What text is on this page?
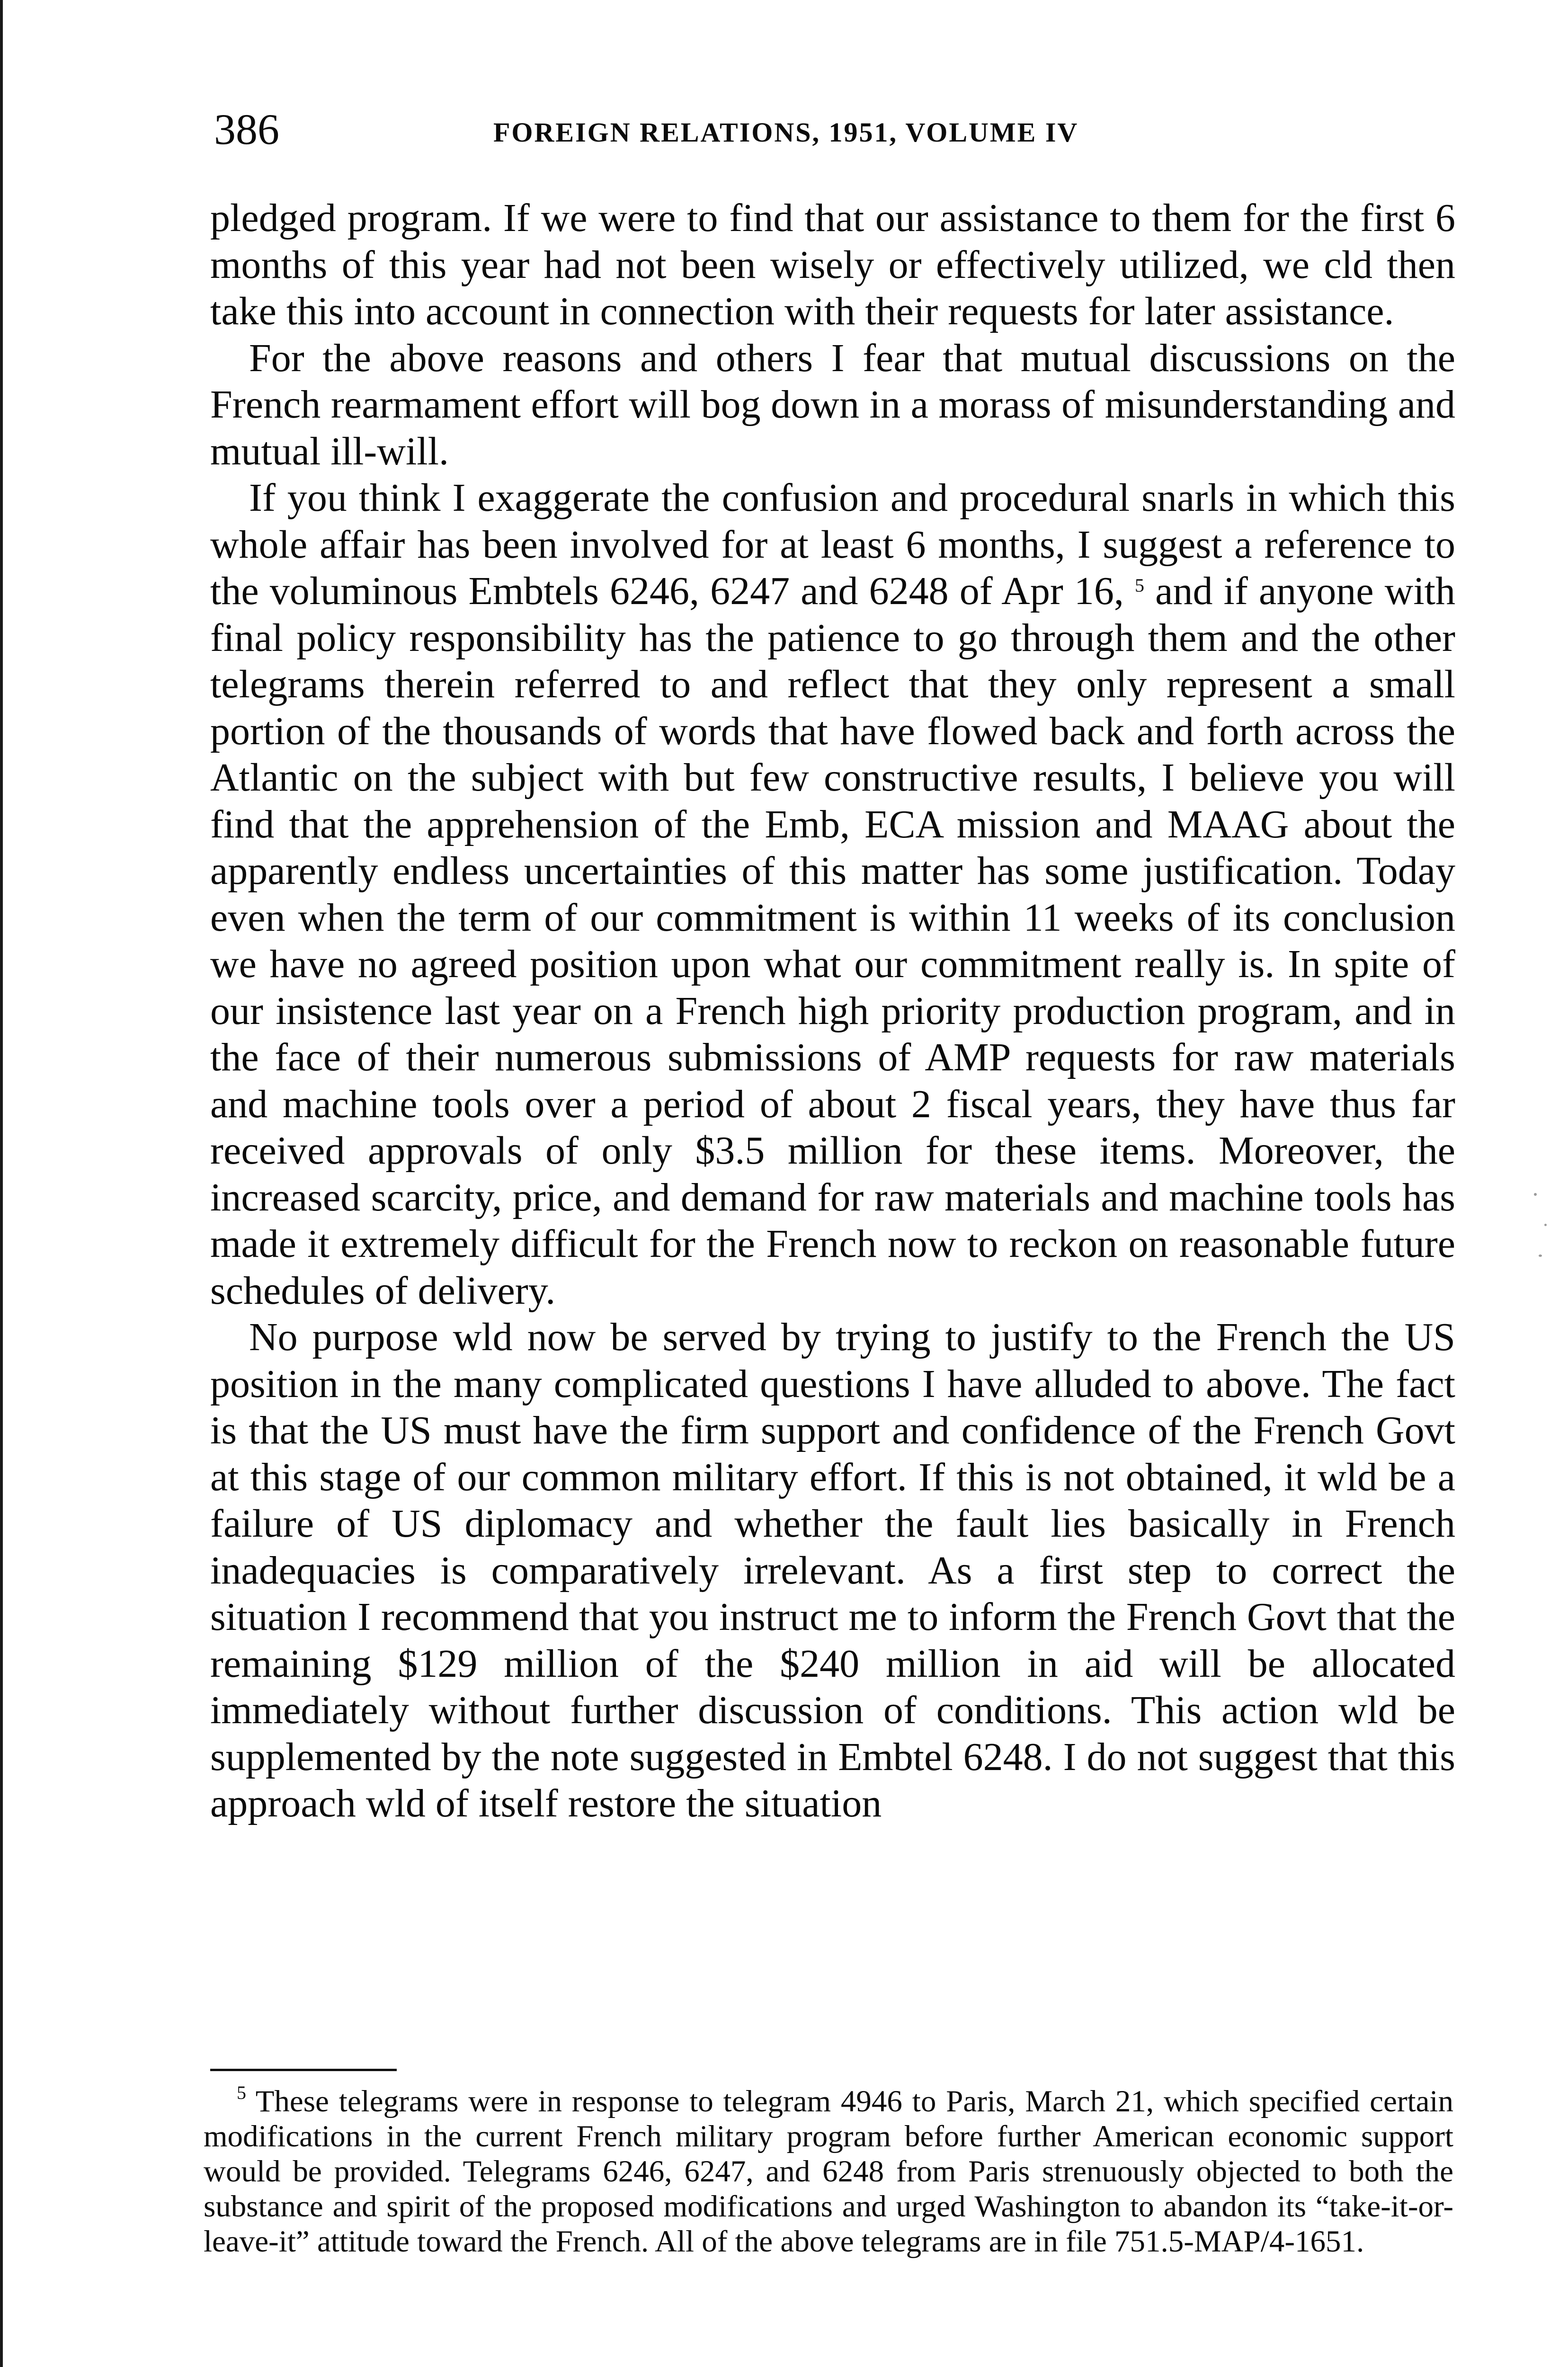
386	FOREIGN RELATIONS, 1951, VOLUME IV

pledged program. If we were to find that our assistance to them for the first 6 months of this year had not been wisely or effectively utilized, we cld then take this into account in connection with their requests for later assistance.

For the above reasons and others I fear that mutual discussions on the French rearmament effort will bog down in a morass of misunderstanding and mutual ill-will.

If you think I exaggerate the confusion and procedural snarls in which this whole affair has been involved for at least 6 months, I suggest a reference to the voluminous Embtels 6246, 6247 and 6248 of Apr 16, $^5$ and if anyone with final policy responsibility has the patience to go through them and the other telegrams therein referred to and reflect that they only represent a small portion of the thousands of words that have flowed back and forth across the Atlantic on the subject with but few constructive results, I believe you will find that the apprehension of the Emb, ECA mission and MAAG about the apparently endless uncertainties of this matter has some justification. Today even when the term of our commitment is within 11 weeks of its conclusion we have no agreed position upon what our commitment really is. In spite of our insistence last year on a French high priority production program, and in the face of their numerous submissions of AMP requests for raw materials and machine tools over a period of about 2 fiscal years, they have thus far received approvals of only $3.5 million for these items. Moreover, the increased scarcity, price, and demand for raw materials and machine tools has made it extremely difficult for the French now to reckon on reasonable future schedules of delivery.

No purpose wld now be served by trying to justify to the French the US position in the many complicated questions I have alluded to above. The fact is that the US must have the firm support and confidence of the French Govt at this stage of our common military effort. If this is not obtained, it wld be a failure of US diplomacy and whether the fault lies basically in French inadequacies is comparatively irrelevant. As a first step to correct the situation I recommend that you instruct me to inform the French Govt that the remaining $129 million of the $240 million in aid will be allocated immediately without further discussion of conditions. This action wld be supplemented by the note suggested in Embtel 6248. I do not suggest that this approach wld of itself restore the situation

$^5$ These telegrams were in response to telegram 4946 to Paris, March 21, which specified certain modifications in the current French military program before further American economic support would be provided. Telegrams 6246, 6247, and 6248 from Paris strenuously objected to both the substance and spirit of the proposed modifications and urged Washington to abandon its “take-it-or-leave-it” attitude toward the French. All of the above telegrams are in file 751.5-MAP/4-1651.
